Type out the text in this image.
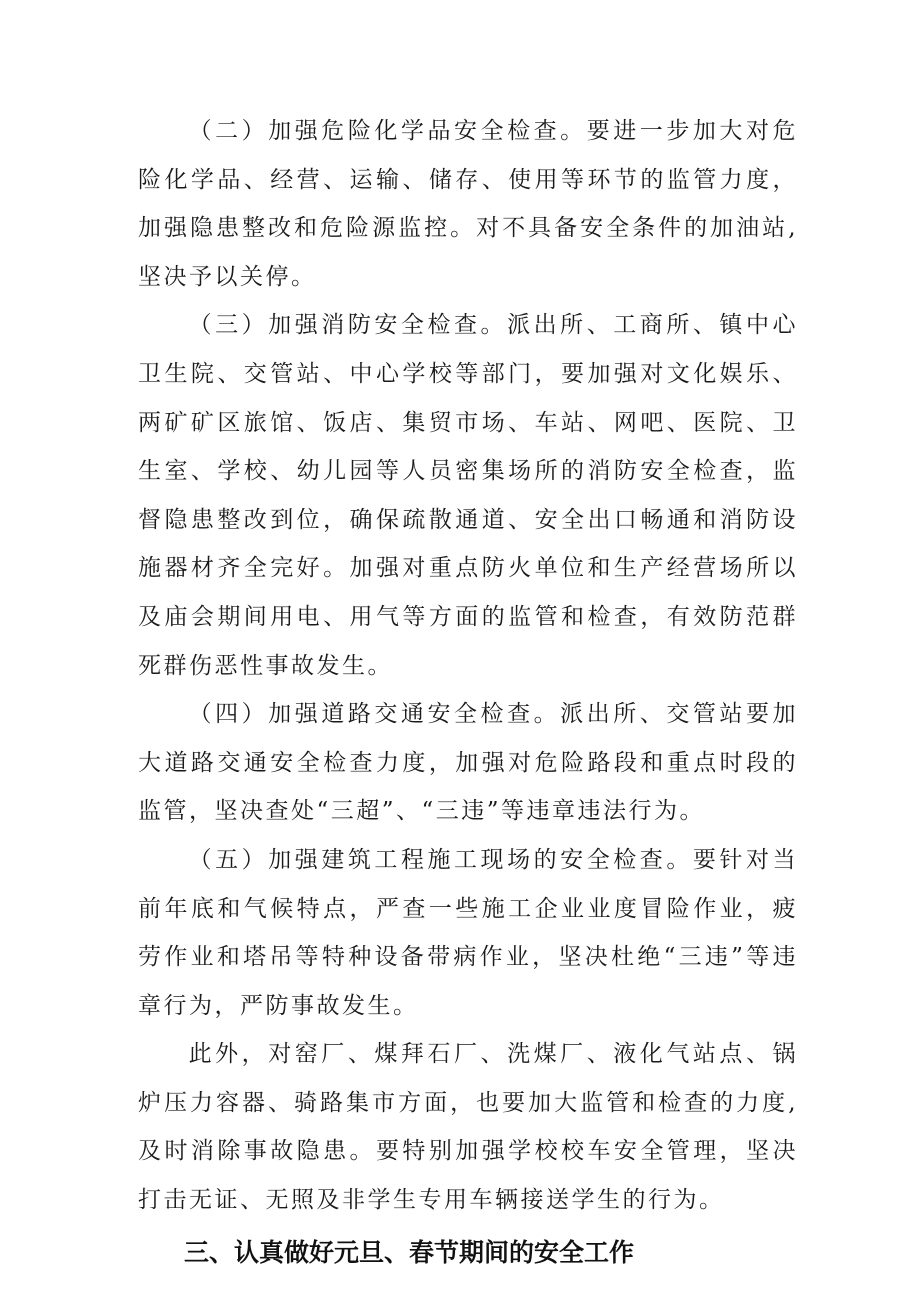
（二）加强危险化学品安全检查。要进一步加大对危险化学品、经营、运输、储存、使用等环节的监管力度，加强隐患整改和危险源监控。对不具备安全条件的加油站,坚决予以关停。

（三）加强消防安全检查。派出所、工商所、镇中心卫生院、交管站、中心学校等部门，要加强对文化娱乐、两矿矿区旅馆、饭店、集贸市场、车站、网吧、医院、卫生室、学校、幼儿园等人员密集场所的消防安全检查，监督隐患整改到位，确保疏散通道、安全出口畅通和消防设施器材齐全完好。加强对重点防火单位和生产经营场所以及庙会期间用电、用气等方面的监管和检查，有效防范群死群伤恶性事故发生。

（四）加强道路交通安全检查。派出所、交管站要加大道路交通安全检查力度，加强对危险路段和重点时段的监管，坚决查处“三超”、“三违”等违章违法行为。

（五）加强建筑工程施工现场的安全检查。要针对当前年底和气候特点，严查一些施工企业业度冒险作业，疲劳作业和塔吊等特种设备带病作业，坚决杜绝“三违”等违章行为，严防事故发生。

此外，对窑厂、煤拜石厂、洗煤厂、液化气站点、锅炉压力容器、骑路集市方面，也要加大监管和检查的力度,及时消除事故隐患。要特别加强学校校车安全管理，坚决打击无证、无照及非学生专用车辆接送学生的行为。

三、认真做好元旦、春节期间的安全工作
